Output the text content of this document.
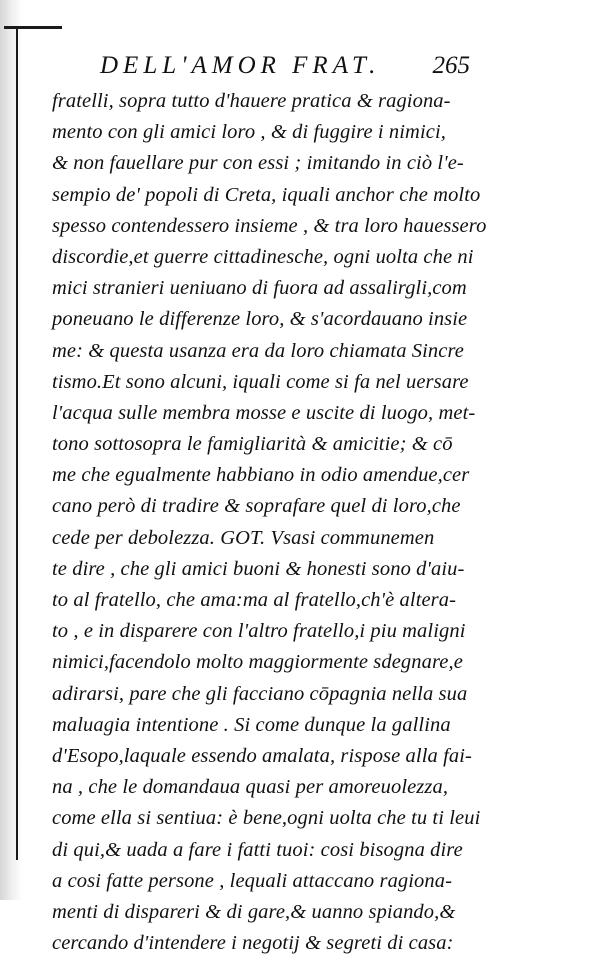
DELL'AMOR FRAT. 265
fratelli, sopra tutto d'hauere pratica & ragiona-
mento con gli amici loro , & di fuggire i nimici,
& non fauellare pur con essi ; imitando in ciò l'e-
sempio de' popoli di Creta, iquali anchor che molto
spesso contendessero insieme , & tra loro hauessero
discordie,et guerre cittadinesche, ogni uolta che ni
mici stranieri ueniuano di fuora ad assalirgli,com
poneuano le differenze loro, & s'acordauano insie
me: & questa usanza era da loro chiamata Sincre
tismo.Et sono alcuni, iquali come si fa nel uersare
l'acqua sulle membra mosse e uscite di luogo, met-
tono sottosopra le famigliarità & amicitie; & cō
me che egualmente habbiano in odio amendue,cer
cano però di tradire & soprafare quel di loro,che
cede per debolezza. GOT. Vsasi communemen
te dire , che gli amici buoni & honesti sono d'aiu-
to al fratello, che ama:ma al fratello,ch'è altera-
to , e in disparere con l'altro fratello,i piu maligni
nimici,facendolo molto maggiormente sdegnare,e
adirarsi, pare che gli facciano cōpagnia nella sua
maluagia intentione . Si come dunque la gallina
d'Esopo,laquale essendo amalata, rispose alla fai-
na , che le domandaua quasi per amoreuolezza,
come ella si sentiua: è bene,ogni uolta che tu ti leui
di qui,& uada a fare i fatti tuoi: cosi bisogna dire
a cosi fatte persone , lequali attaccano ragiona-
menti di dispareri & di gare,& uanno spiando,&
cercando d'intendere i negotij & segreti di casa:
